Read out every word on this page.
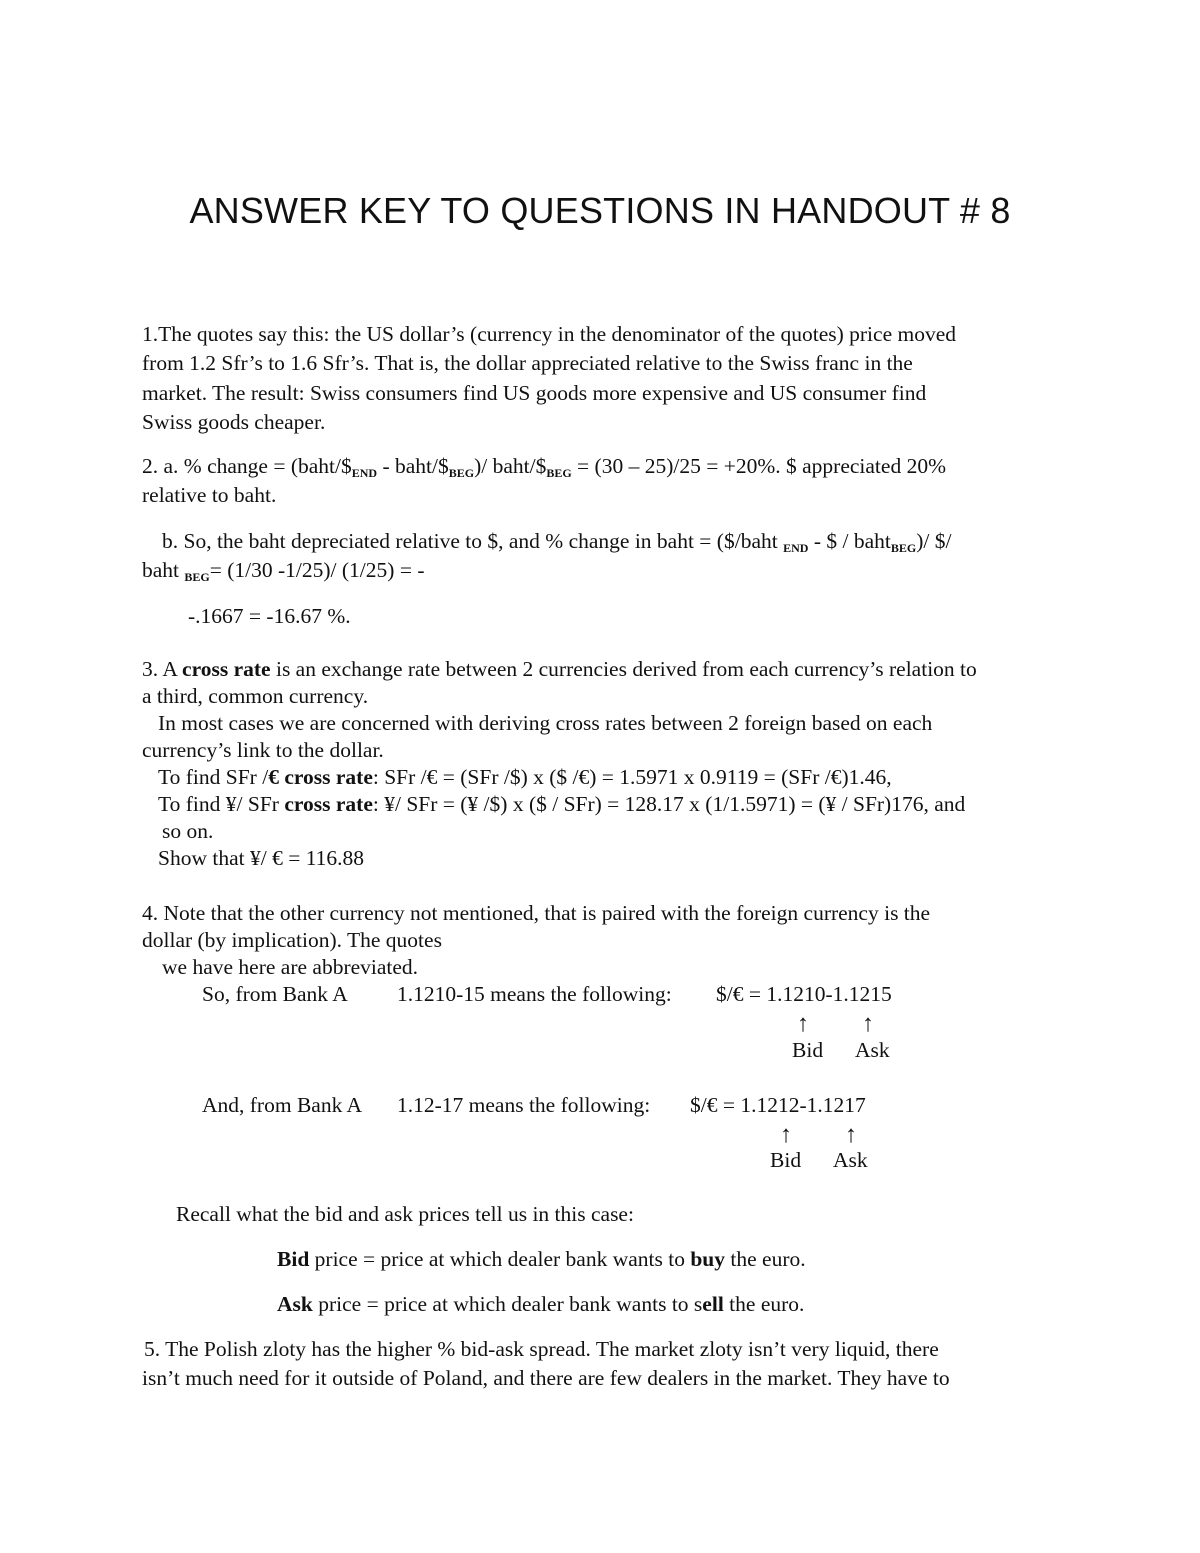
ANSWER KEY TO QUESTIONS IN HANDOUT # 8
1.The quotes say this: the US dollar’s (currency in the denominator of the quotes) price moved
from 1.2 Sfr’s to 1.6 Sfr’s. That is, the dollar appreciated relative to the Swiss franc in the
market. The result: Swiss consumers find US goods more expensive and US consumer find
Swiss goods cheaper.
2. a. % change = ($baht/\$_{END}$ - baht/$\$_{BEG})/$ baht/$\$_{BEG} = (30 - 25)/25 = +20\%$. $ appreciated 20%
relative to baht.
b. So, the baht depreciated relative to $, and % change in baht = ($/baht $_{END}$ - $ / baht$_{BEG}$)/ $/
baht $_{BEG}$= (1/30 -1/25)/ (1/25) = -
-.1667 = -16.67 %.
3. A cross rate is an exchange rate between 2 currencies derived from each currency’s relation to
a third, common currency.
In most cases we are concerned with deriving cross rates between 2 foreign based on each
currency’s link to the dollar.
To find SFr /€ cross rate: SFr /€ = (SFr /$) x ($ /€) = 1.5971 x 0.9119 = (SFr /€)1.46,
To find ¥/ SFr cross rate: ¥/ SFr = (¥ /$) x ($ / SFr) = 128.17 x (1/1.5971) = (¥ / SFr)176, and
so on.
Show that ¥/ € = 116.88
4. Note that the other currency not mentioned, that is paired with the foreign currency is the
dollar (by implication). The quotes
we have here are abbreviated.
So, from Bank A 1.1210-15 means the following: $/€ = 1.1210-1.1215
↑ ↑
Bid Ask
And, from Bank A 1.12-17 means the following: $/€ = 1.1212-1.1217
↑ ↑
Bid Ask
Recall what the bid and ask prices tell us in this case:
Bid price = price at which dealer bank wants to buy the euro.
Ask price = price at which dealer bank wants to sell the euro.
5. The Polish zloty has the higher % bid-ask spread. The market zloty isn’t very liquid, there
isn’t much need for it outside of Poland, and there are few dealers in the market. They have to
